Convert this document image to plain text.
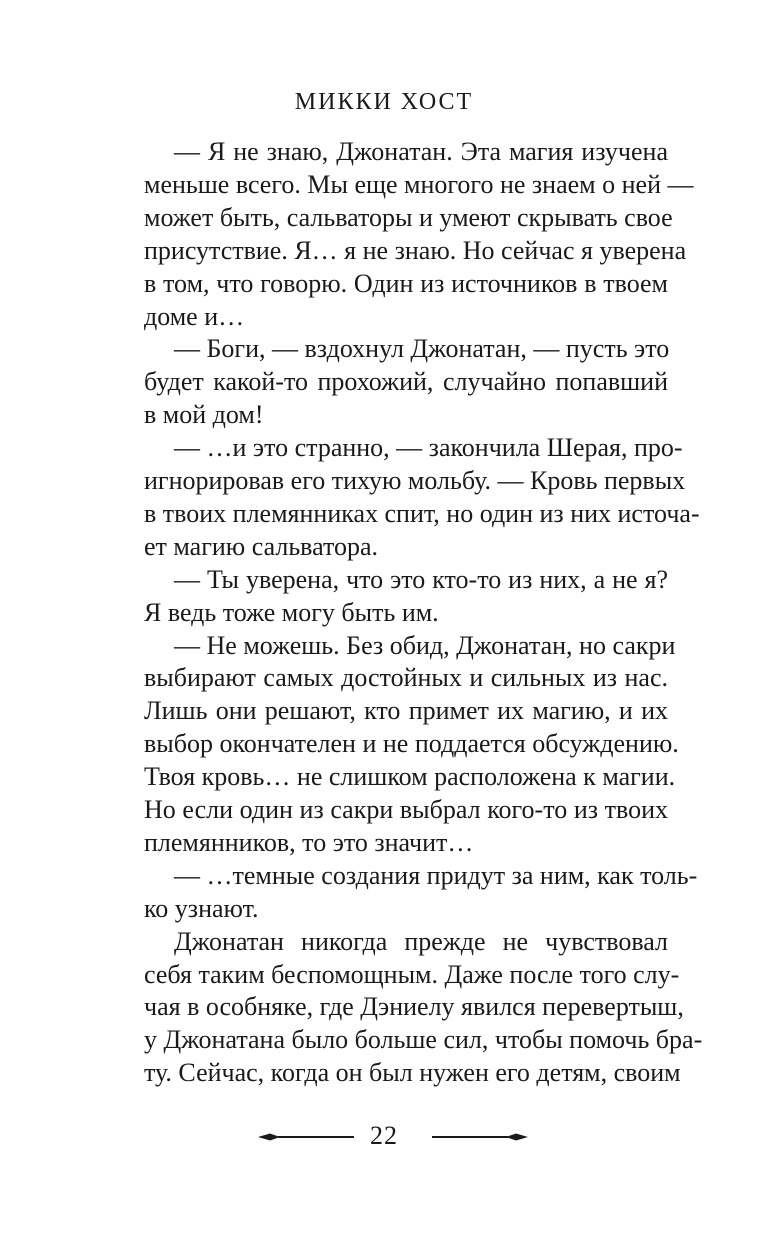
МИККИ ХОСТ
— Я не знаю, Джонатан. Эта магия изучена
меньше всего. Мы еще многого не знаем о ней —
может быть, сальваторы и умеют скрывать свое
присутствие. Я… я не знаю. Но сейчас я уверена
в том, что говорю. Один из источников в твоем
доме и…
— Боги, — вздохнул Джонатан, — пусть это
будет какой-то прохожий, случайно попавший
в мой дом!
— …и это странно, — закончила Шерая, про-
игнорировав его тихую мольбу. — Кровь первых
в твоих племянниках спит, но один из них источа-
ет магию сальватора.
— Ты уверена, что это кто-то из них, а не я?
Я ведь тоже могу быть им.
— Не можешь. Без обид, Джонатан, но сакри
выбирают самых достойных и сильных из нас.
Лишь они решают, кто примет их магию, и их
выбор окончателен и не поддается обсуждению.
Твоя кровь… не слишком расположена к магии.
Но если один из сакри выбрал кого-то из твоих
племянников, то это значит…
— …темные создания придут за ним, как толь-
ко узнают.
Джонатан никогда прежде не чувствовал
себя таким беспомощным. Даже после того слу-
чая в особняке, где Дэниелу явился перевертыш,
у Джонатана было больше сил, чтобы помочь бра-
ту. Сейчас, когда он был нужен его детям, своим
22
